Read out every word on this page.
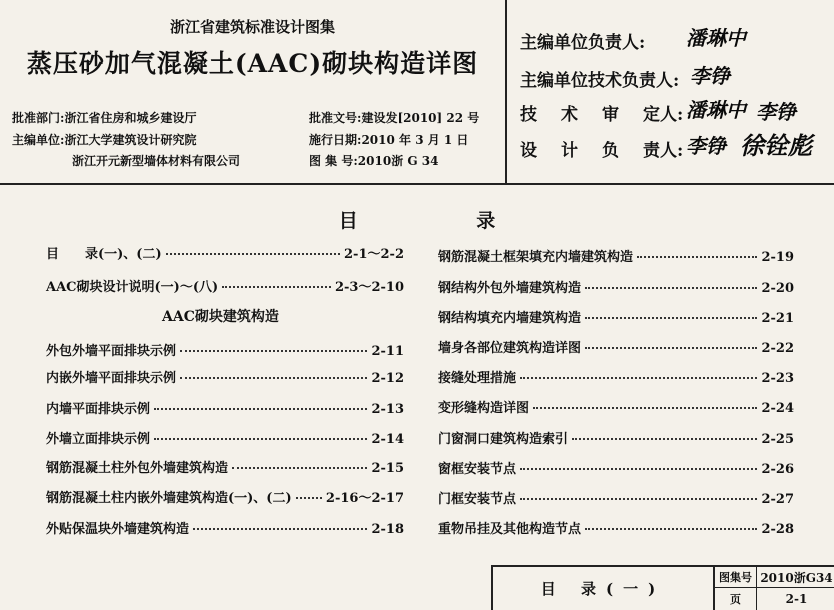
浙江省建筑标准设计图集
蒸压砂加气混凝土(AAC)砌块构造详图
批准部门:浙江省住房和城乡建设厅	批准文号:建设发[2010] 22 号
主编单位:浙江大学建筑设计研究院	施行日期:2010 年 3 月 1 日
浙江开元新型墙体材料有限公司	图 集 号:2010浙 G 34
主编单位负责人:	潘琳中
主编单位技术负责人: 李铮
技 术 审 定 人: 潘琳中 李铮
设 计 负 责 人: 李铮 徐铨彪
目 录
目　　录(一)、(二)	2-1～2-2
AAC砌块设计说明(一)～(八)	2-3～2-10
AAC砌块建筑构造
外包外墙平面排块示例	2-11
内嵌外墙平面排块示例	2-12
内墙平面排块示例	2-13
外墙立面排块示例	2-14
钢筋混凝土柱外包外墙建筑构造	2-15
钢筋混凝土柱内嵌外墙建筑构造(一)、(二)	2-16～2-17
外贴保温块外墙建筑构造	2-18
钢筋混凝土框架填充内墙建筑构造	2-19
钢结构外包外墙建筑构造	2-20
钢结构填充内墙建筑构造	2-21
墙身各部位建筑构造详图	2-22
接缝处理措施	2-23
变形缝构造详图	2-24
门窗洞口建筑构造索引	2-25
窗框安装节点	2-26
门框安装节点	2-27
重物吊挂及其他构造节点	2-28
目 录(一)
图集号 2010浙G34
页	2-1
